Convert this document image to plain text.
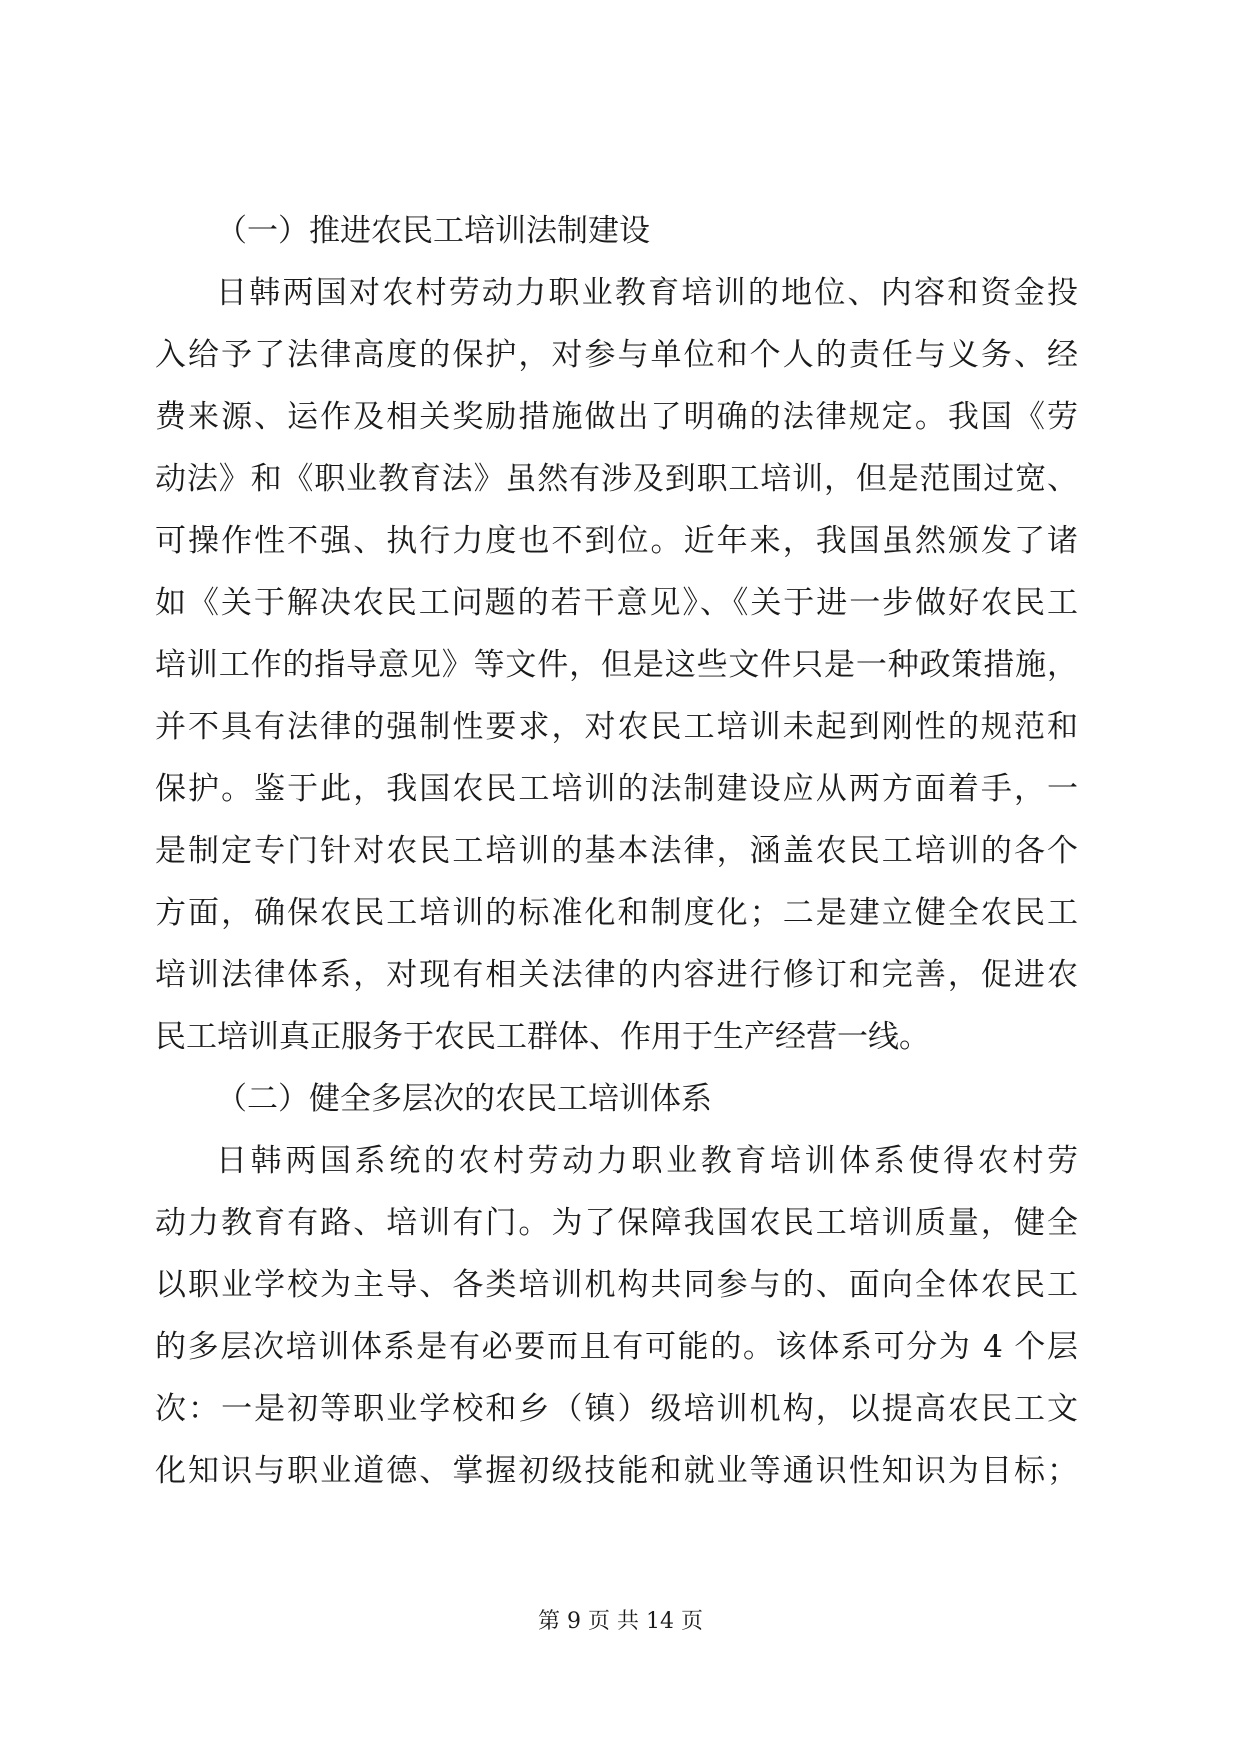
（一）推进农民工培训法制建设
日韩两国对农村劳动力职业教育培训的地位、内容和资金投
入给予了法律高度的保护，对参与单位和个人的责任与义务、经
费来源、运作及相关奖励措施做出了明确的法律规定。我国《劳
动法》和《职业教育法》虽然有涉及到职工培训，但是范围过宽、
可操作性不强、执行力度也不到位。近年来，我国虽然颁发了诸
如《关于解决农民工问题的若干意见》、《关于进一步做好农民工
培训工作的指导意见》等文件，但是这些文件只是一种政策措施，
并不具有法律的强制性要求，对农民工培训未起到刚性的规范和
保护。鉴于此，我国农民工培训的法制建设应从两方面着手，一
是制定专门针对农民工培训的基本法律，涵盖农民工培训的各个
方面，确保农民工培训的标准化和制度化；二是建立健全农民工
培训法律体系，对现有相关法律的内容进行修订和完善，促进农
民工培训真正服务于农民工群体、作用于生产经营一线。
（二）健全多层次的农民工培训体系
日韩两国系统的农村劳动力职业教育培训体系使得农村劳
动力教育有路、培训有门。为了保障我国农民工培训质量，健全
以职业学校为主导、各类培训机构共同参与的、面向全体农民工
的多层次培训体系是有必要而且有可能的。该体系可分为 4 个层
次：一是初等职业学校和乡（镇）级培训机构，以提高农民工文
化知识与职业道德、掌握初级技能和就业等通识性知识为目标；
第 9 页 共 14 页
